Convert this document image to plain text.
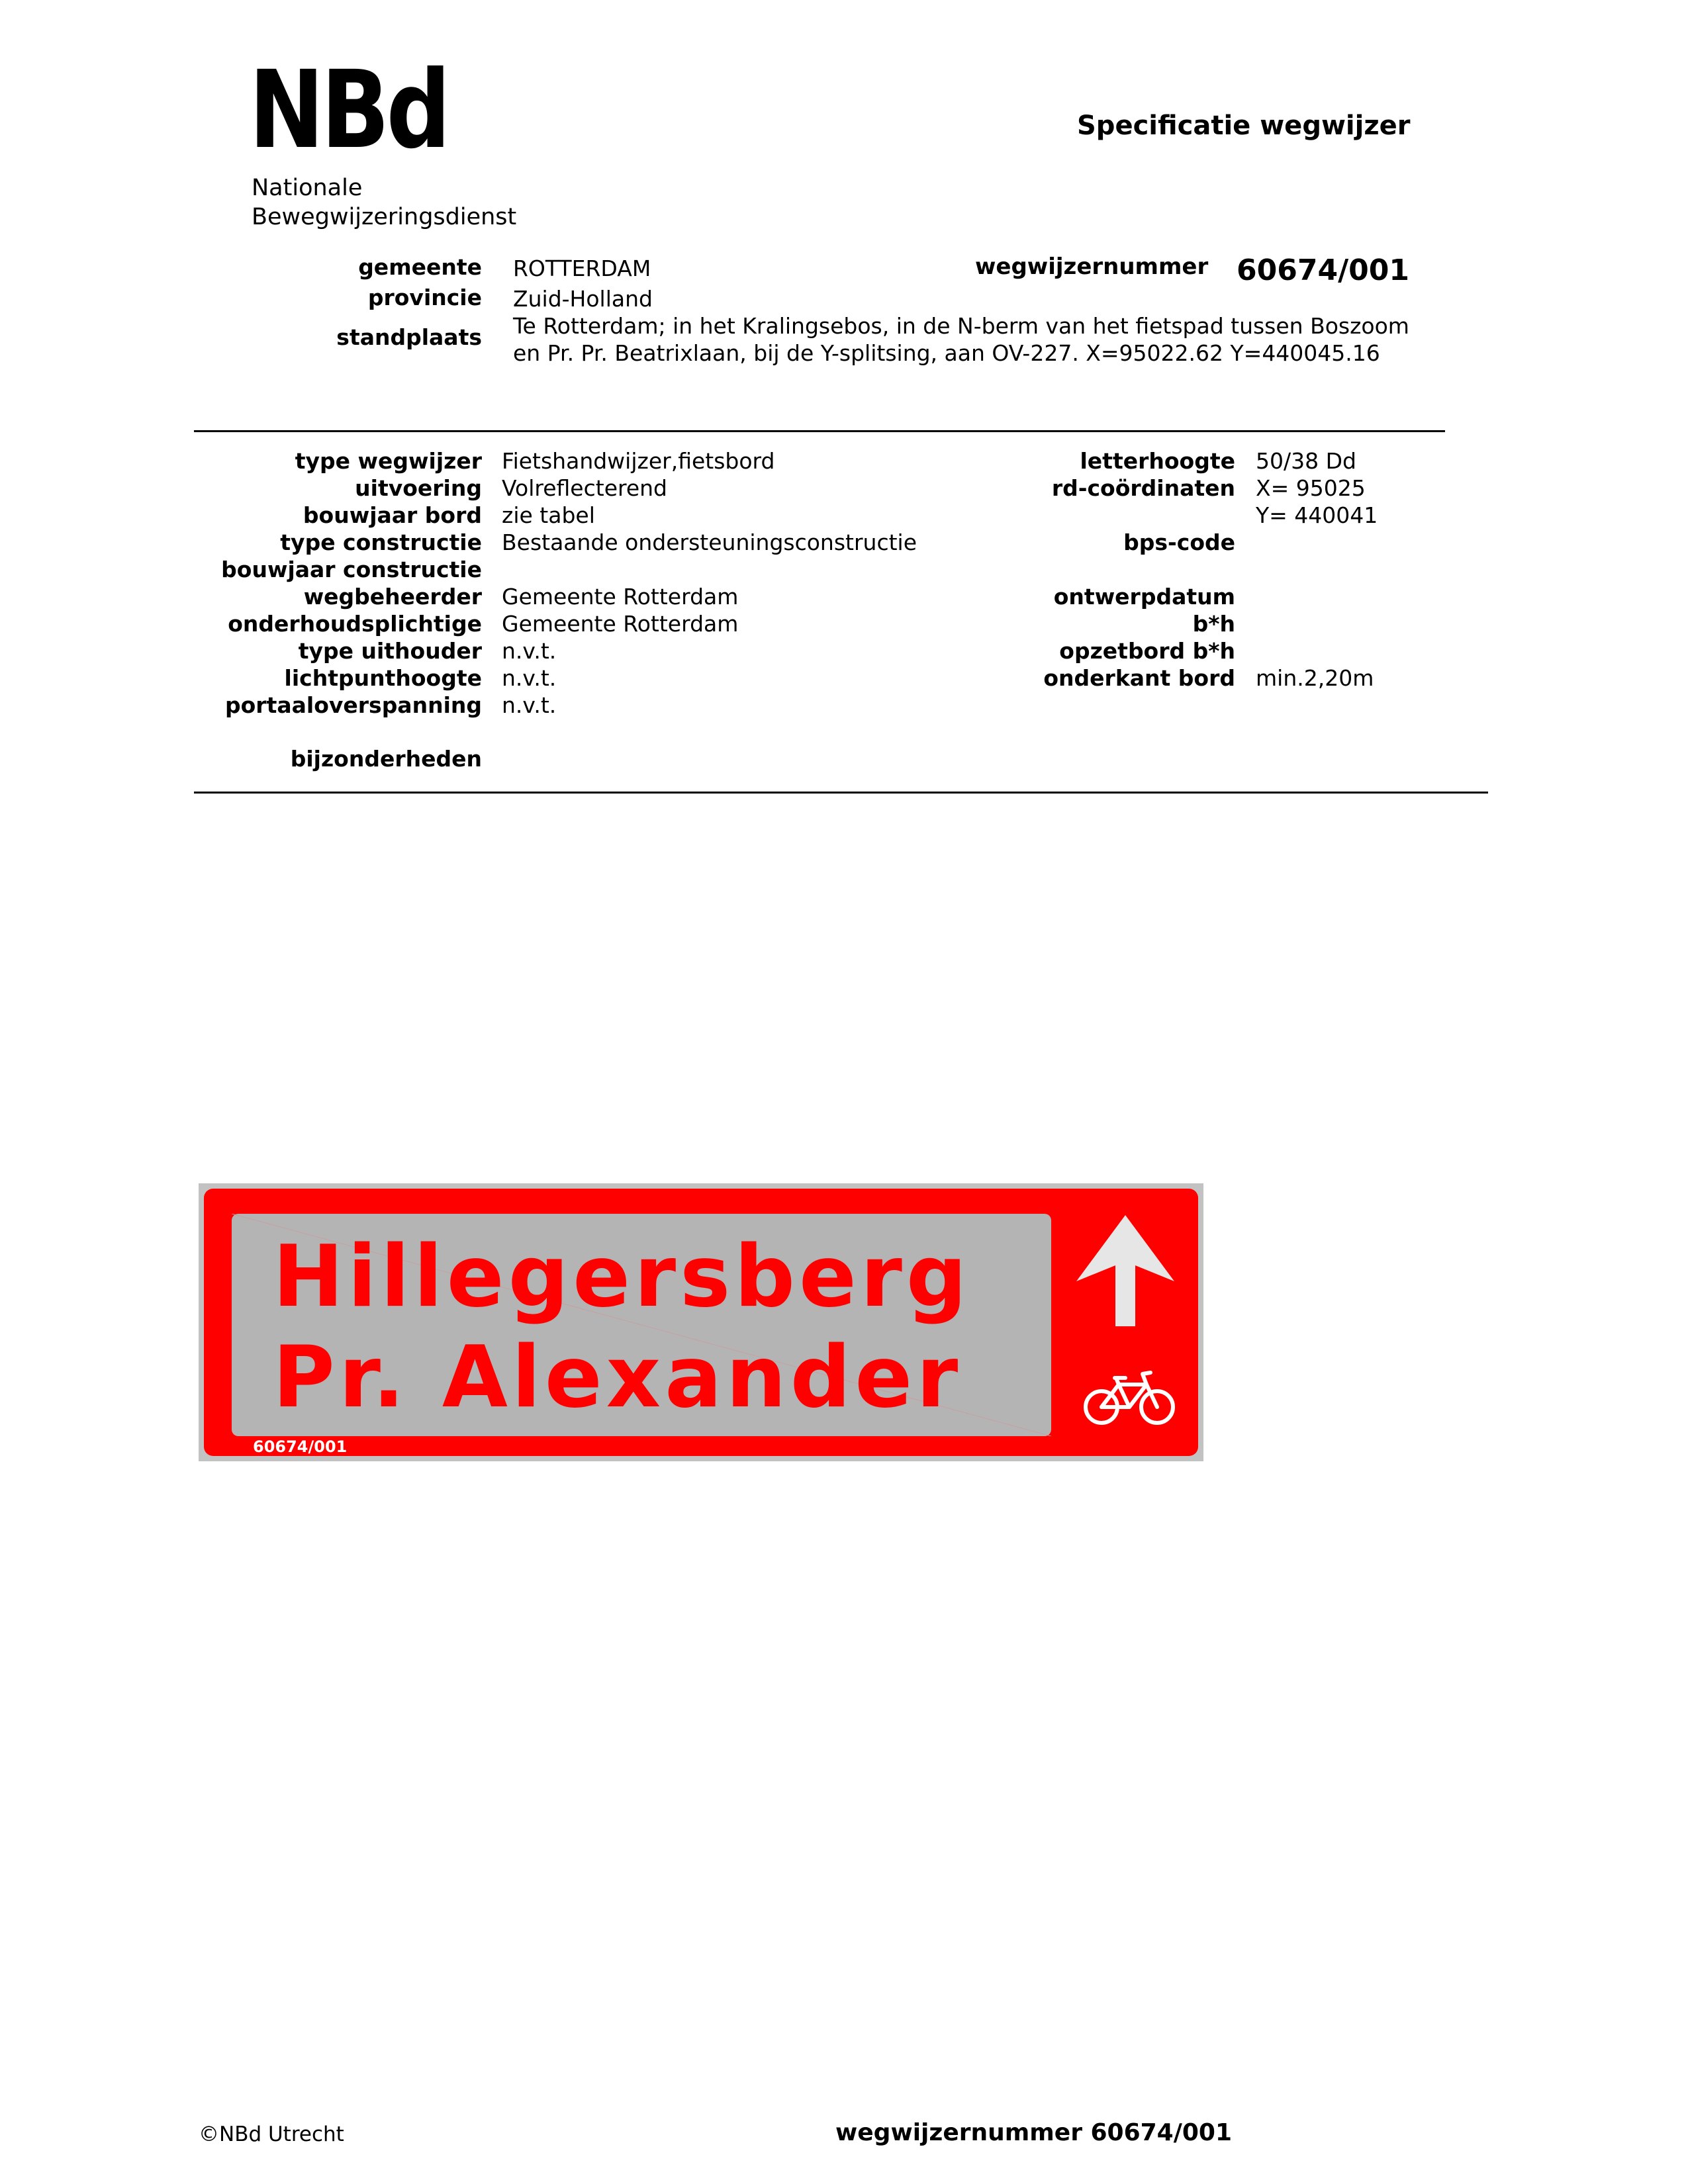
NBd
Nationale
Bewegwijzeringsdienst
Specificatie wegwijzer
gemeente ROTTERDAM
provincie Zuid-Holland
standplaats Te Rotterdam; in het Kralingsebos, in de N-berm van het fietspad tussen Boszoom
en Pr. Pr. Beatrixlaan, bij de Y-splitsing, aan OV-227. X=95022.62 Y=440045.16
wegwijzernummer 60674/001
type wegwijzer Fietshandwijzer,fietsbord
uitvoering Volreflecterend
bouwjaar bord zie tabel
type constructie Bestaande ondersteuningsconstructie
bouwjaar constructie
wegbeheerder Gemeente Rotterdam
onderhoudsplichtige Gemeente Rotterdam
type uithouder n.v.t.
lichtpunthoogte n.v.t.
portaaloverspanning n.v.t.
bijzonderheden
letterhoogte 50/38 Dd
rd-coördinaten X= 95025
Y= 440041
bps-code
ontwerpdatum
b*h
opzetbord b*h
onderkant bord min.2,20m
Hillegersberg
Pr. Alexander
60674/001
©NBd Utrecht	wegwijzernummer 60674/001
